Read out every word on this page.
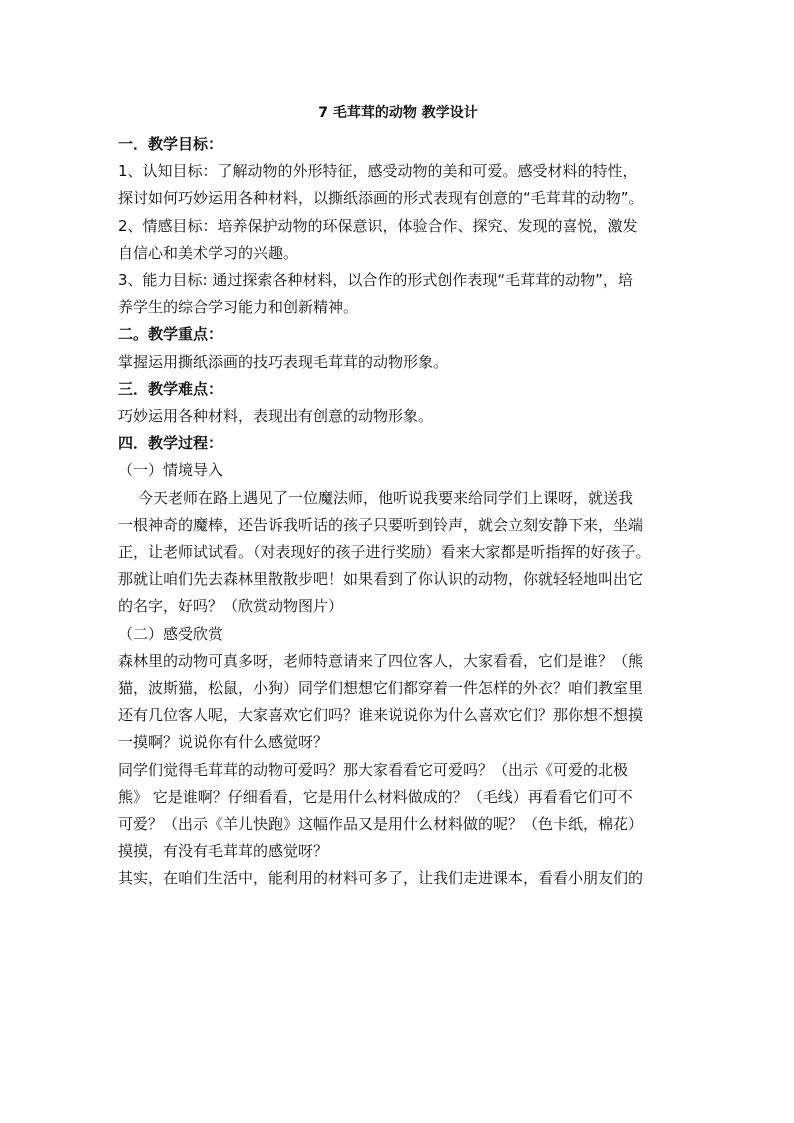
7 毛茸茸的动物 教学设计

一．教学目标：

1、认知目标：了解动物的外形特征，感受动物的美和可爱。感受材料的特性，

探讨如何巧妙运用各种材料，以撕纸添画的形式表现有创意的“毛茸茸的动物”。

2、情感目标：培养保护动物的环保意识，体验合作、探究、发现的喜悦，激发

自信心和美术学习的兴趣。

3、能力目标: 通过探索各种材料，以合作的形式创作表现“毛茸茸的动物”，培

养学生的综合学习能力和创新精神。

二。教学重点：

掌握运用撕纸添画的技巧表现毛茸茸的动物形象。

三．教学难点：

巧妙运用各种材料，表现出有创意的动物形象。

四．教学过程：

（一）情境导入

今天老师在路上遇见了一位魔法师，他听说我要来给同学们上课呀，就送我

一根神奇的魔棒，还告诉我听话的孩子只要听到铃声，就会立刻安静下来，坐端

正，让老师试试看。（对表现好的孩子进行奖励）看来大家都是听指挥的好孩子。

那就让咱们先去森林里散散步吧！如果看到了你认识的动物，你就轻轻地叫出它

的名字，好吗？（欣赏动物图片）

（二）感受欣赏

森林里的动物可真多呀，老师特意请来了四位客人，大家看看，它们是谁？（熊

猫，波斯猫，松鼠，小狗）同学们想想它们都穿着一件怎样的外衣？咱们教室里

还有几位客人呢，大家喜欢它们吗？谁来说说你为什么喜欢它们？那你想不想摸

一摸啊？说说你有什么感觉呀？

同学们觉得毛茸茸的动物可爱吗？那大家看看它可爱吗？（出示《可爱的北极

熊》 它是谁啊？仔细看看，它是用什么材料做成的？（毛线）再看看它们可不

可爱？（出示《羊儿快跑》这幅作品又是用什么材料做的呢？（色卡纸，棉花）

摸摸，有没有毛茸茸的感觉呀？

其实，在咱们生活中，能利用的材料可多了，让我们走进课本，看看小朋友们的
